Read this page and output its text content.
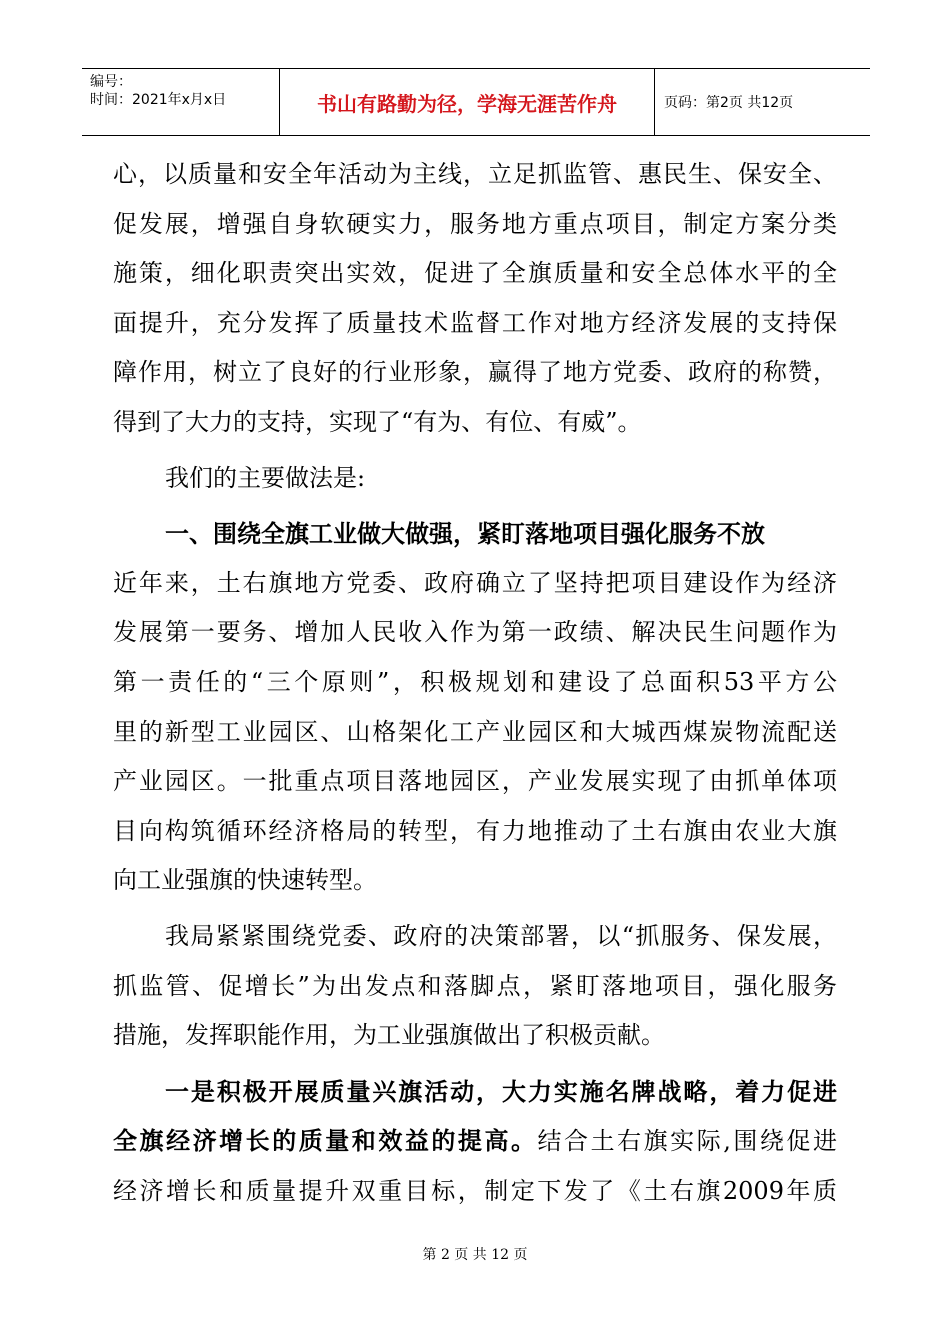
编号：
时间：2021年x月x日	书山有路勤为径，学海无涯苦作舟	页码：第2页 共12页

心，以质量和安全年活动为主线，立足抓监管、惠民生、保安全、

促发展，增强自身软硬实力，服务地方重点项目，制定方案分类

施策，细化职责突出实效，促进了全旗质量和安全总体水平的全

面提升，充分发挥了质量技术监督工作对地方经济发展的支持保

障作用，树立了良好的行业形象，赢得了地方党委、政府的称赞，

得到了大力的支持，实现了“有为、有位、有威”。

我们的主要做法是:

一、围绕全旗工业做大做强，紧盯落地项目强化服务不放

近年来，土右旗地方党委、政府确立了坚持把项目建设作为经济

发展第一要务、增加人民收入作为第一政绩、解决民生问题作为

第一责任的“三个原则”，积极规划和建设了总面积53平方公

里的新型工业园区、山格架化工产业园区和大城西煤炭物流配送

产业园区。一批重点项目落地园区，产业发展实现了由抓单体项

目向构筑循环经济格局的转型，有力地推动了土右旗由农业大旗

向工业强旗的快速转型。

我局紧紧围绕党委、政府的决策部署，以“抓服务、保发展，

抓监管、促增长”为出发点和落脚点，紧盯落地项目，强化服务

措施，发挥职能作用，为工业强旗做出了积极贡献。

一是积极开展质量兴旗活动，大力实施名牌战略，着力促进

全旗经济增长的质量和效益的提高。结合土右旗实际,围绕促进

经济增长和质量提升双重目标，制定下发了《土右旗2009年质

第 2 页 共 12 页
